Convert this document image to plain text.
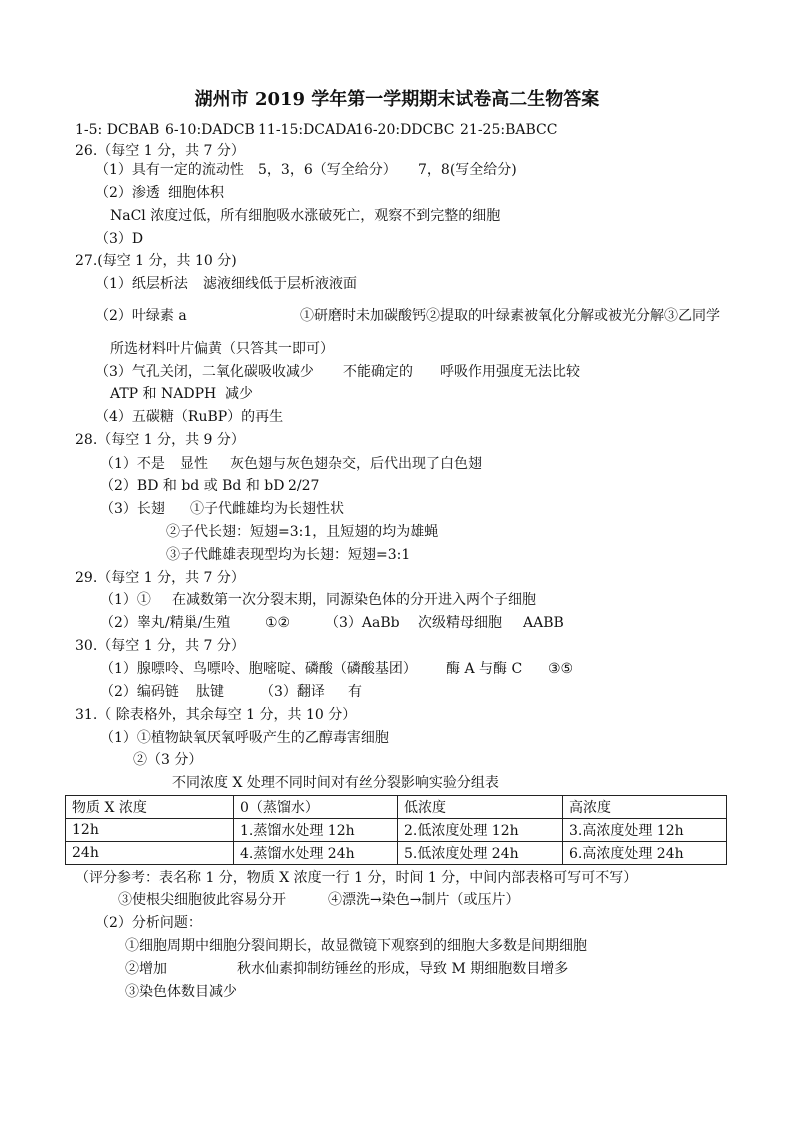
湖州市 2019 学年第一学期期末试卷高二生物答案
1-5: DCBAB 6-10:DADCB 11-15:DCADA
16-20:DDCBC 21-25:BABCC
26.（每空 1 分，共 7 分）
（1）具有一定的流动性 5，3，6（写全给分） 7，8(写全给分)
（2）渗透 细胞体积
NaCl 浓度过低，所有细胞吸水涨破死亡，观察不到完整的细胞
（3）D
27.(每空 1 分，共 10 分)
（1）纸层析法 滤液细线低于层析液液面
（2）叶绿素 a	①研磨时未加碳酸钙②提取的叶绿素被氧化分解或被光分解③乙同学
所选材料叶片偏黄（只答其一即可）
（3）气孔关闭，二氧化碳吸收减少 不能确定的 呼吸作用强度无法比较
ATP 和 NADPH 减少
（4）五碳糖（RuBP）的再生
28.（每空 1 分，共 9 分）
（1）不是 显性 灰色翅与灰色翅杂交，后代出现了白色翅
（2）BD 和 bd 或 Bd 和 bD 2/27
（3）长翅 ①子代雌雄均为长翅性状
②子代长翅：短翅=3:1，且短翅的均为雄蝇
③子代雌雄表现型均为长翅：短翅=3:1
29.（每空 1 分，共 7 分）
（1）① 在减数第一次分裂末期，同源染色体的分开进入两个子细胞
（2）睾丸/精巢/生殖 ①② （3）AaBb 次级精母细胞 AABB
30.（每空 1 分，共 7 分）
（1）腺嘌呤、鸟嘌呤、胞嘧啶、磷酸（磷酸基团） 酶 A 与酶 C ③⑤
（2）编码链 肽键	（3）翻译 有
31.（ 除表格外，其余每空 1 分，共 10 分）
（1）①植物缺氧厌氧呼吸产生的乙醇毒害细胞
②（3 分）
不同浓度 X 处理不同时间对有丝分裂影响实验分组表
物质 X 浓度	0（蒸馏水）	低浓度	高浓度
12h	1.蒸馏水处理 12h	2.低浓度处理 12h	3.高浓度处理 12h
24h	4.蒸馏水处理 24h	5.低浓度处理 24h	6.高浓度处理 24h
（评分参考：表名称 1 分，物质 X 浓度一行 1 分，时间 1 分，中间内部表格可写可不写）
③使根尖细胞彼此容易分开	④漂洗→染色→制片（或压片）
（2）分析问题：
①细胞周期中细胞分裂间期长，故显微镜下观察到的细胞大多数是间期细胞
②增加	秋水仙素抑制纺锤丝的形成，导致 M 期细胞数目增多
③染色体数目减少
